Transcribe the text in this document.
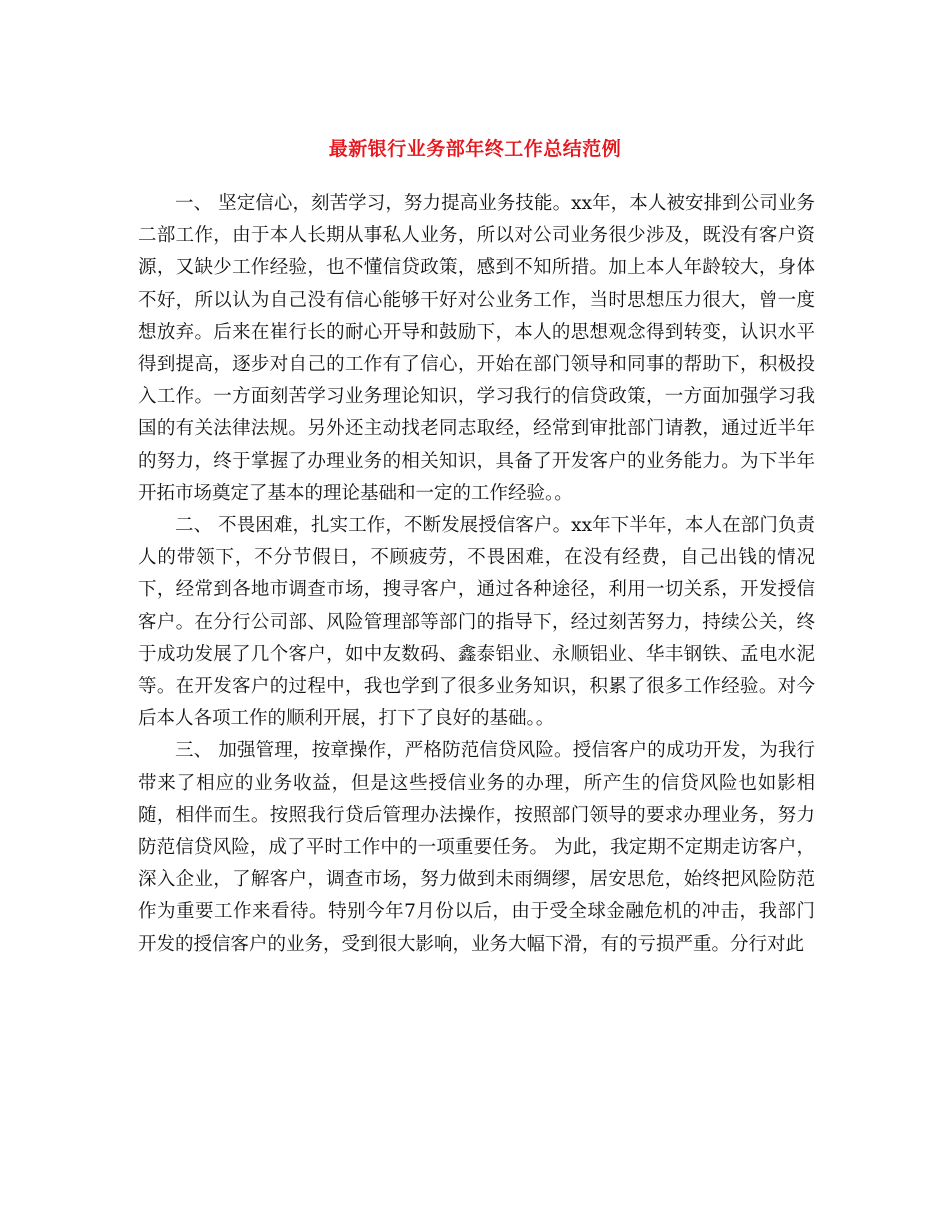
最新银行业务部年终工作总结范例

一、 坚定信心，刻苦学习，努力提高业务技能。xx年，本人被安排到公司业务二部工作，由于本人长期从事私人业务，所以对公司业务很少涉及，既没有客户资源，又缺少工作经验，也不懂信贷政策，感到不知所措。加上本人年龄较大，身体不好，所以认为自己没有信心能够干好对公业务工作，当时思想压力很大，曾一度想放弃。后来在崔行长的耐心开导和鼓励下，本人的思想观念得到转变，认识水平得到提高，逐步对自己的工作有了信心，开始在部门领导和同事的帮助下，积极投入工作。一方面刻苦学习业务理论知识，学习我行的信贷政策，一方面加强学习我国的有关法律法规。另外还主动找老同志取经，经常到审批部门请教，通过近半年的努力，终于掌握了办理业务的相关知识，具备了开发客户的业务能力。为下半年开拓市场奠定了基本的理论基础和一定的工作经验。。

二、 不畏困难，扎实工作，不断发展授信客户。xx年下半年，本人在部门负责人的带领下，不分节假日，不顾疲劳，不畏困难，在没有经费，自己出钱的情况下，经常到各地市调查市场，搜寻客户，通过各种途径，利用一切关系，开发授信客户。在分行公司部、风险管理部等部门的指导下，经过刻苦努力，持续公关，终于成功发展了几个客户，如中友数码、鑫泰铝业、永顺铝业、华丰钢铁、孟电水泥等。在开发客户的过程中，我也学到了很多业务知识，积累了很多工作经验。对今后本人各项工作的顺利开展，打下了良好的基础。。

三、 加强管理，按章操作，严格防范信贷风险。授信客户的成功开发，为我行带来了相应的业务收益，但是这些授信业务的办理，所产生的信贷风险也如影相随，相伴而生。按照我行贷后管理办法操作，按照部门领导的要求办理业务，努力防范信贷风险，成了平时工作中的一项重要任务。 为此，我定期不定期走访客户，深入企业，了解客户，调查市场，努力做到未雨绸缪，居安思危，始终把风险防范作为重要工作来看待。特别今年7月份以后，由于受全球金融危机的冲击，我部门开发的授信客户的业务，受到很大影响，业务大幅下滑，有的亏损严重。分行对此
